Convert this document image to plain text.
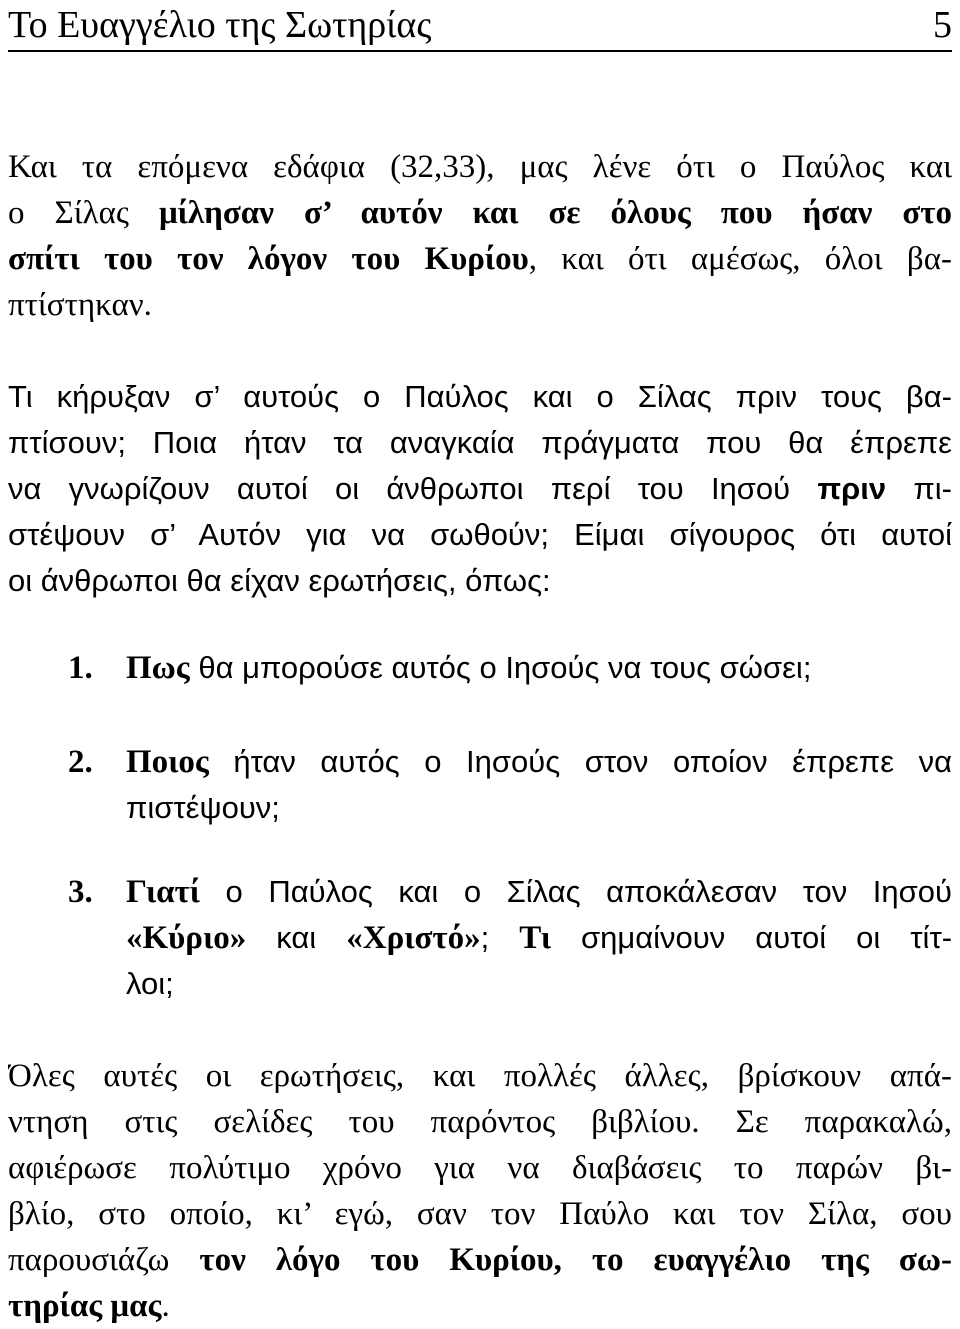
Το Ευαγγέλιο της Σωτηρίας	5
Και τα επόμενα εδάφια (32,33), μας λένε ότι ο Παύλος και
ο Σίλας μίλησαν σ’ αυτόν και σε όλους που ήσαν στο
σπίτι του τον λόγον του Κυρίου, και ότι αμέσως, όλοι βα-
πτίστηκαν.
Τι κήρυξαν σ’ αυτούς ο Παύλος και ο Σίλας πριν τους βα-
πτίσουν; Ποια ήταν τα αναγκαία πράγματα που θα έπρεπε
να γνωρίζουν αυτοί οι άνθρωποι περί του Ιησού πριν πι-
στέψουν σ’ Αυτόν για να σωθούν; Είμαι σίγουρος ότι αυτοί
οι άνθρωποι θα είχαν ερωτήσεις, όπως:
1. Πως θα μπορούσε αυτός ο Ιησούς να τους σώσει;
2. Ποιος ήταν αυτός ο Ιησούς στον οποίον έπρεπε να
πιστέψουν;
3. Γιατί ο Παύλος και ο Σίλας αποκάλεσαν τον Ιησού
«Κύριο» και «Χριστό»; Τι σημαίνουν αυτοί οι τίτ-
λοι;
Όλες αυτές οι ερωτήσεις, και πολλές άλλες, βρίσκουν απά-
ντηση στις σελίδες του παρόντος βιβλίου. Σε παρακαλώ,
αφιέρωσε πολύτιμο χρόνο για να διαβάσεις το παρών βι-
βλίο, στο οποίο, κι’ εγώ, σαν τον Παύλο και τον Σίλα, σου
παρουσιάζω τον λόγο του Κυρίου, το ευαγγέλιο της σω-
τηρίας μας.
